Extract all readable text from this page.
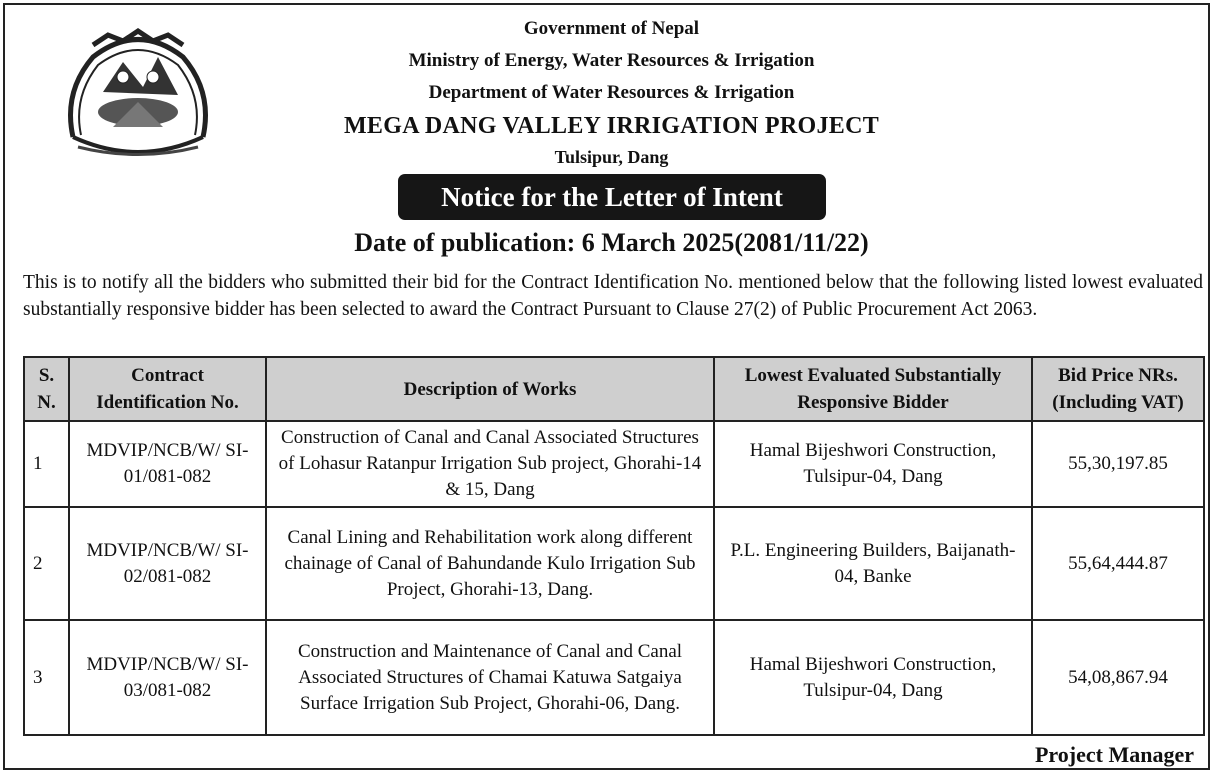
Government of Nepal
Ministry of Energy, Water Resources & Irrigation
Department of Water Resources & Irrigation
MEGA DANG VALLEY IRRIGATION PROJECT
Tulsipur, Dang
Notice for the Letter of Intent
Date of publication: 6 March 2025(2081/11/22)
This is to notify all the bidders who submitted their bid for the Contract Identification No. mentioned below that the following listed lowest evaluated substantially responsive bidder has been selected to award the Contract Pursuant to Clause 27(2) of Public Procurement Act 2063.
S. N.	Contract Identification No.	Description of Works	Lowest Evaluated Substantially Responsive Bidder	Bid Price NRs. (Including VAT)
1	MDVIP/NCB/W/ SI-01/081-082	Construction of Canal and Canal Associated Structures of Lohasur Ratanpur Irrigation Sub project, Ghorahi-14 & 15, Dang	Hamal Bijeshwori Construction, Tulsipur-04, Dang	55,30,197.85
2	MDVIP/NCB/W/ SI-02/081-082	Canal Lining and Rehabilitation work along different chainage of Canal of Bahundande Kulo Irrigation Sub Project, Ghorahi-13, Dang.	P.L. Engineering Builders, Baijanath-04, Banke	55,64,444.87
3	MDVIP/NCB/W/ SI-03/081-082	Construction and Maintenance of Canal and Canal Associated Structures of Chamai Katuwa Satgaiya Surface Irrigation Sub Project, Ghorahi-06, Dang.	Hamal Bijeshwori Construction, Tulsipur-04, Dang	54,08,867.94
Project Manager
